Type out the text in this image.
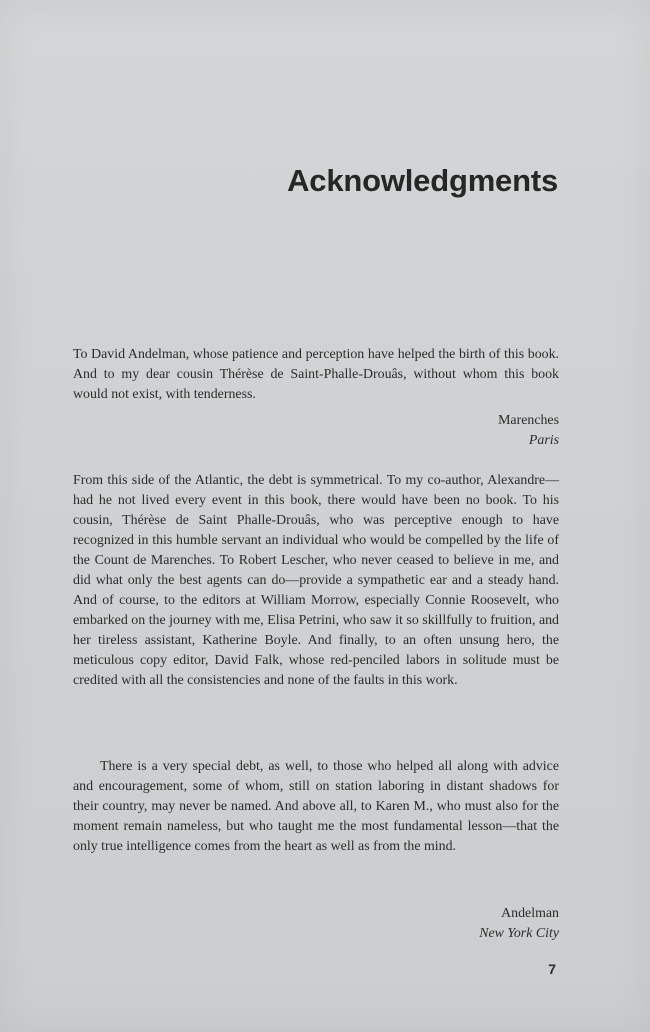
Acknowledgments

To David Andelman, whose patience and perception have helped the birth of this book. And to my dear cousin Thérèse de Saint-Phalle-Drouâs, without whom this book would not exist, with tenderness.

Marenches
Paris

From this side of the Atlantic, the debt is symmetrical. To my co-author, Alexandre—had he not lived every event in this book, there would have been no book. To his cousin, Thérèse de Saint Phalle-Drouâs, who was perceptive enough to have recognized in this humble servant an individual who would be compelled by the life of the Count de Marenches. To Robert Lescher, who never ceased to believe in me, and did what only the best agents can do—provide a sympathetic ear and a steady hand. And of course, to the editors at William Morrow, especially Connie Roosevelt, who embarked on the journey with me, Elisa Petrini, who saw it so skillfully to fruition, and her tireless assistant, Katherine Boyle. And finally, to an often unsung hero, the meticulous copy editor, David Falk, whose red-penciled labors in solitude must be credited with all the consistencies and none of the faults in this work.

There is a very special debt, as well, to those who helped all along with advice and encouragement, some of whom, still on station laboring in distant shadows for their country, may never be named. And above all, to Karen M., who must also for the moment remain nameless, but who taught me the most fundamental lesson—that the only true intelligence comes from the heart as well as from the mind.

Andelman
New York City
7
